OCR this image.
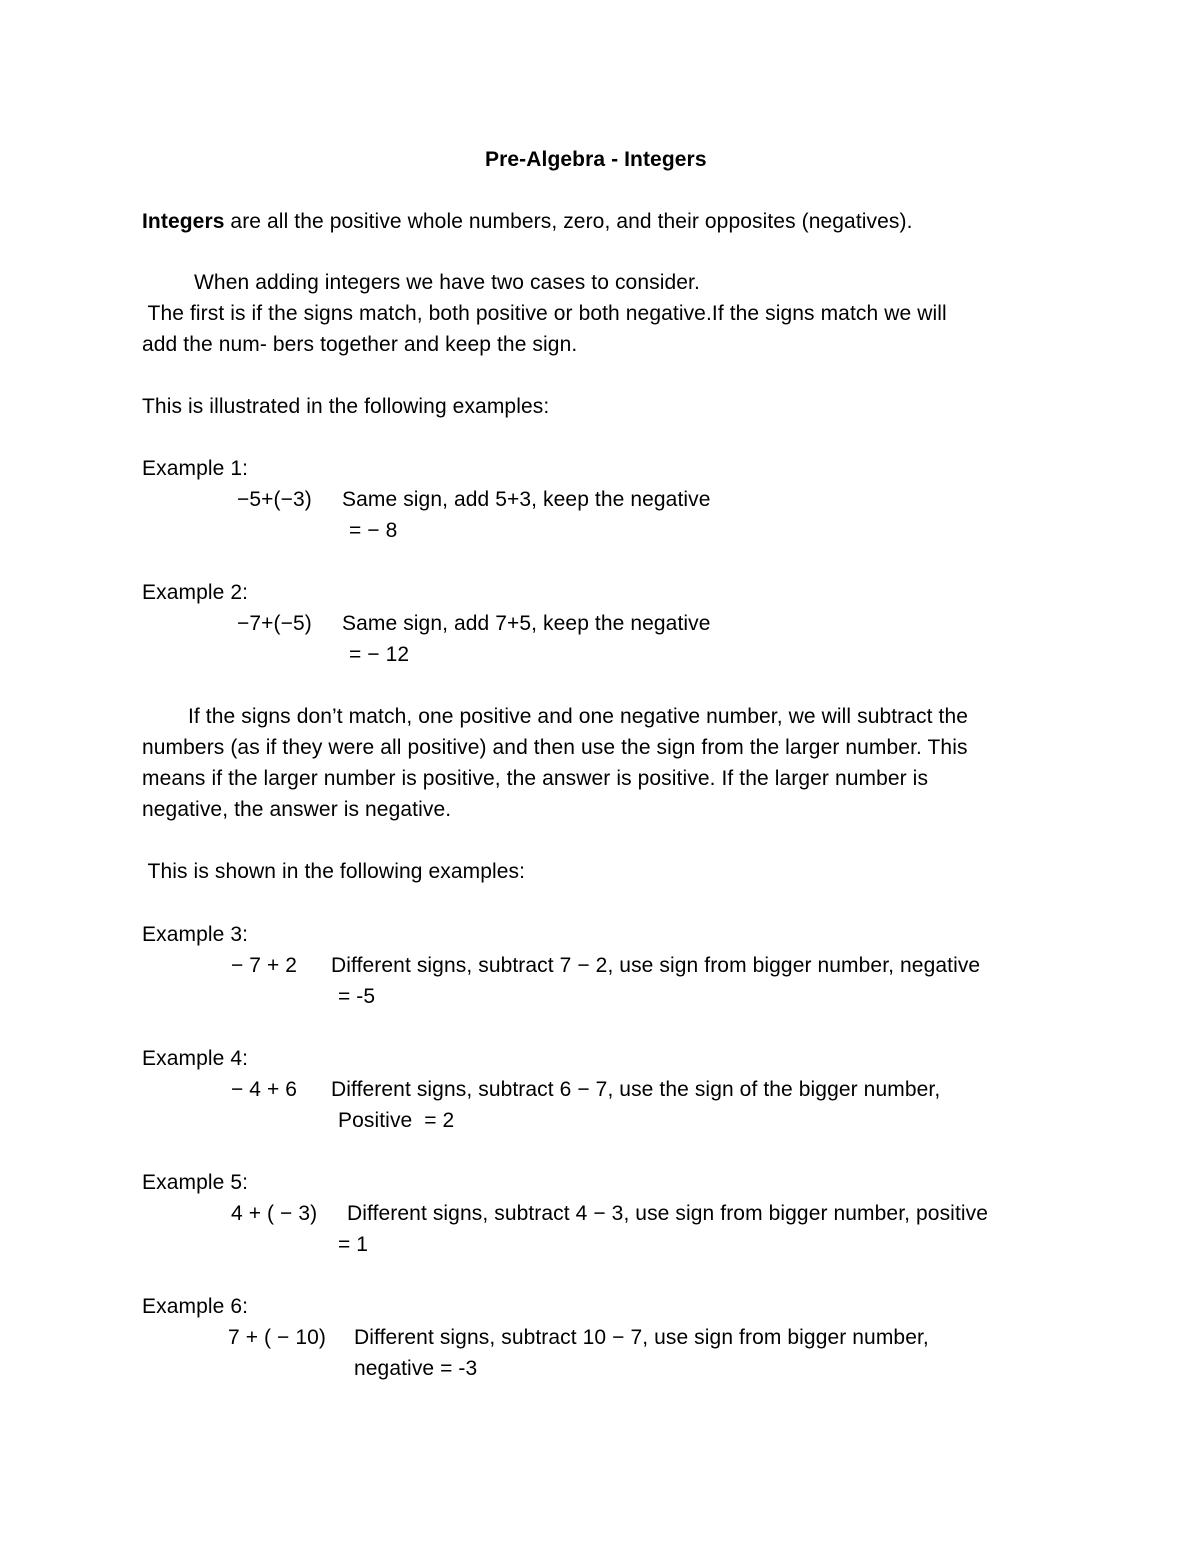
Pre-Algebra - Integers
Integers are all the positive whole numbers, zero, and their opposites (negatives).
When adding integers we have two cases to consider.
The first is if the signs match, both positive or both negative.If the signs match we will
add the num- bers together and keep the sign.
This is illustrated in the following examples:
Example 1:
−5+(−3) Same sign, add 5+3, keep the negative
= − 8
Example 2:
−7+(−5) Same sign, add 7+5, keep the negative
= − 12
If the signs don’t match, one positive and one negative number, we will subtract the
numbers (as if they were all positive) and then use the sign from the larger number. This
means if the larger number is positive, the answer is positive. If the larger number is
negative, the answer is negative.
This is shown in the following examples:
Example 3:
− 7 + 2 Different signs, subtract 7 − 2, use sign from bigger number, negative
= -5
Example 4:
− 4 + 6 Different signs, subtract 6 − 7, use the sign of the bigger number,
Positive  = 2
Example 5:
4 + ( − 3) Different signs, subtract 4 − 3, use sign from bigger number, positive
= 1
Example 6:
7 + ( − 10) Different signs, subtract 10 − 7, use sign from bigger number,
negative = -3
